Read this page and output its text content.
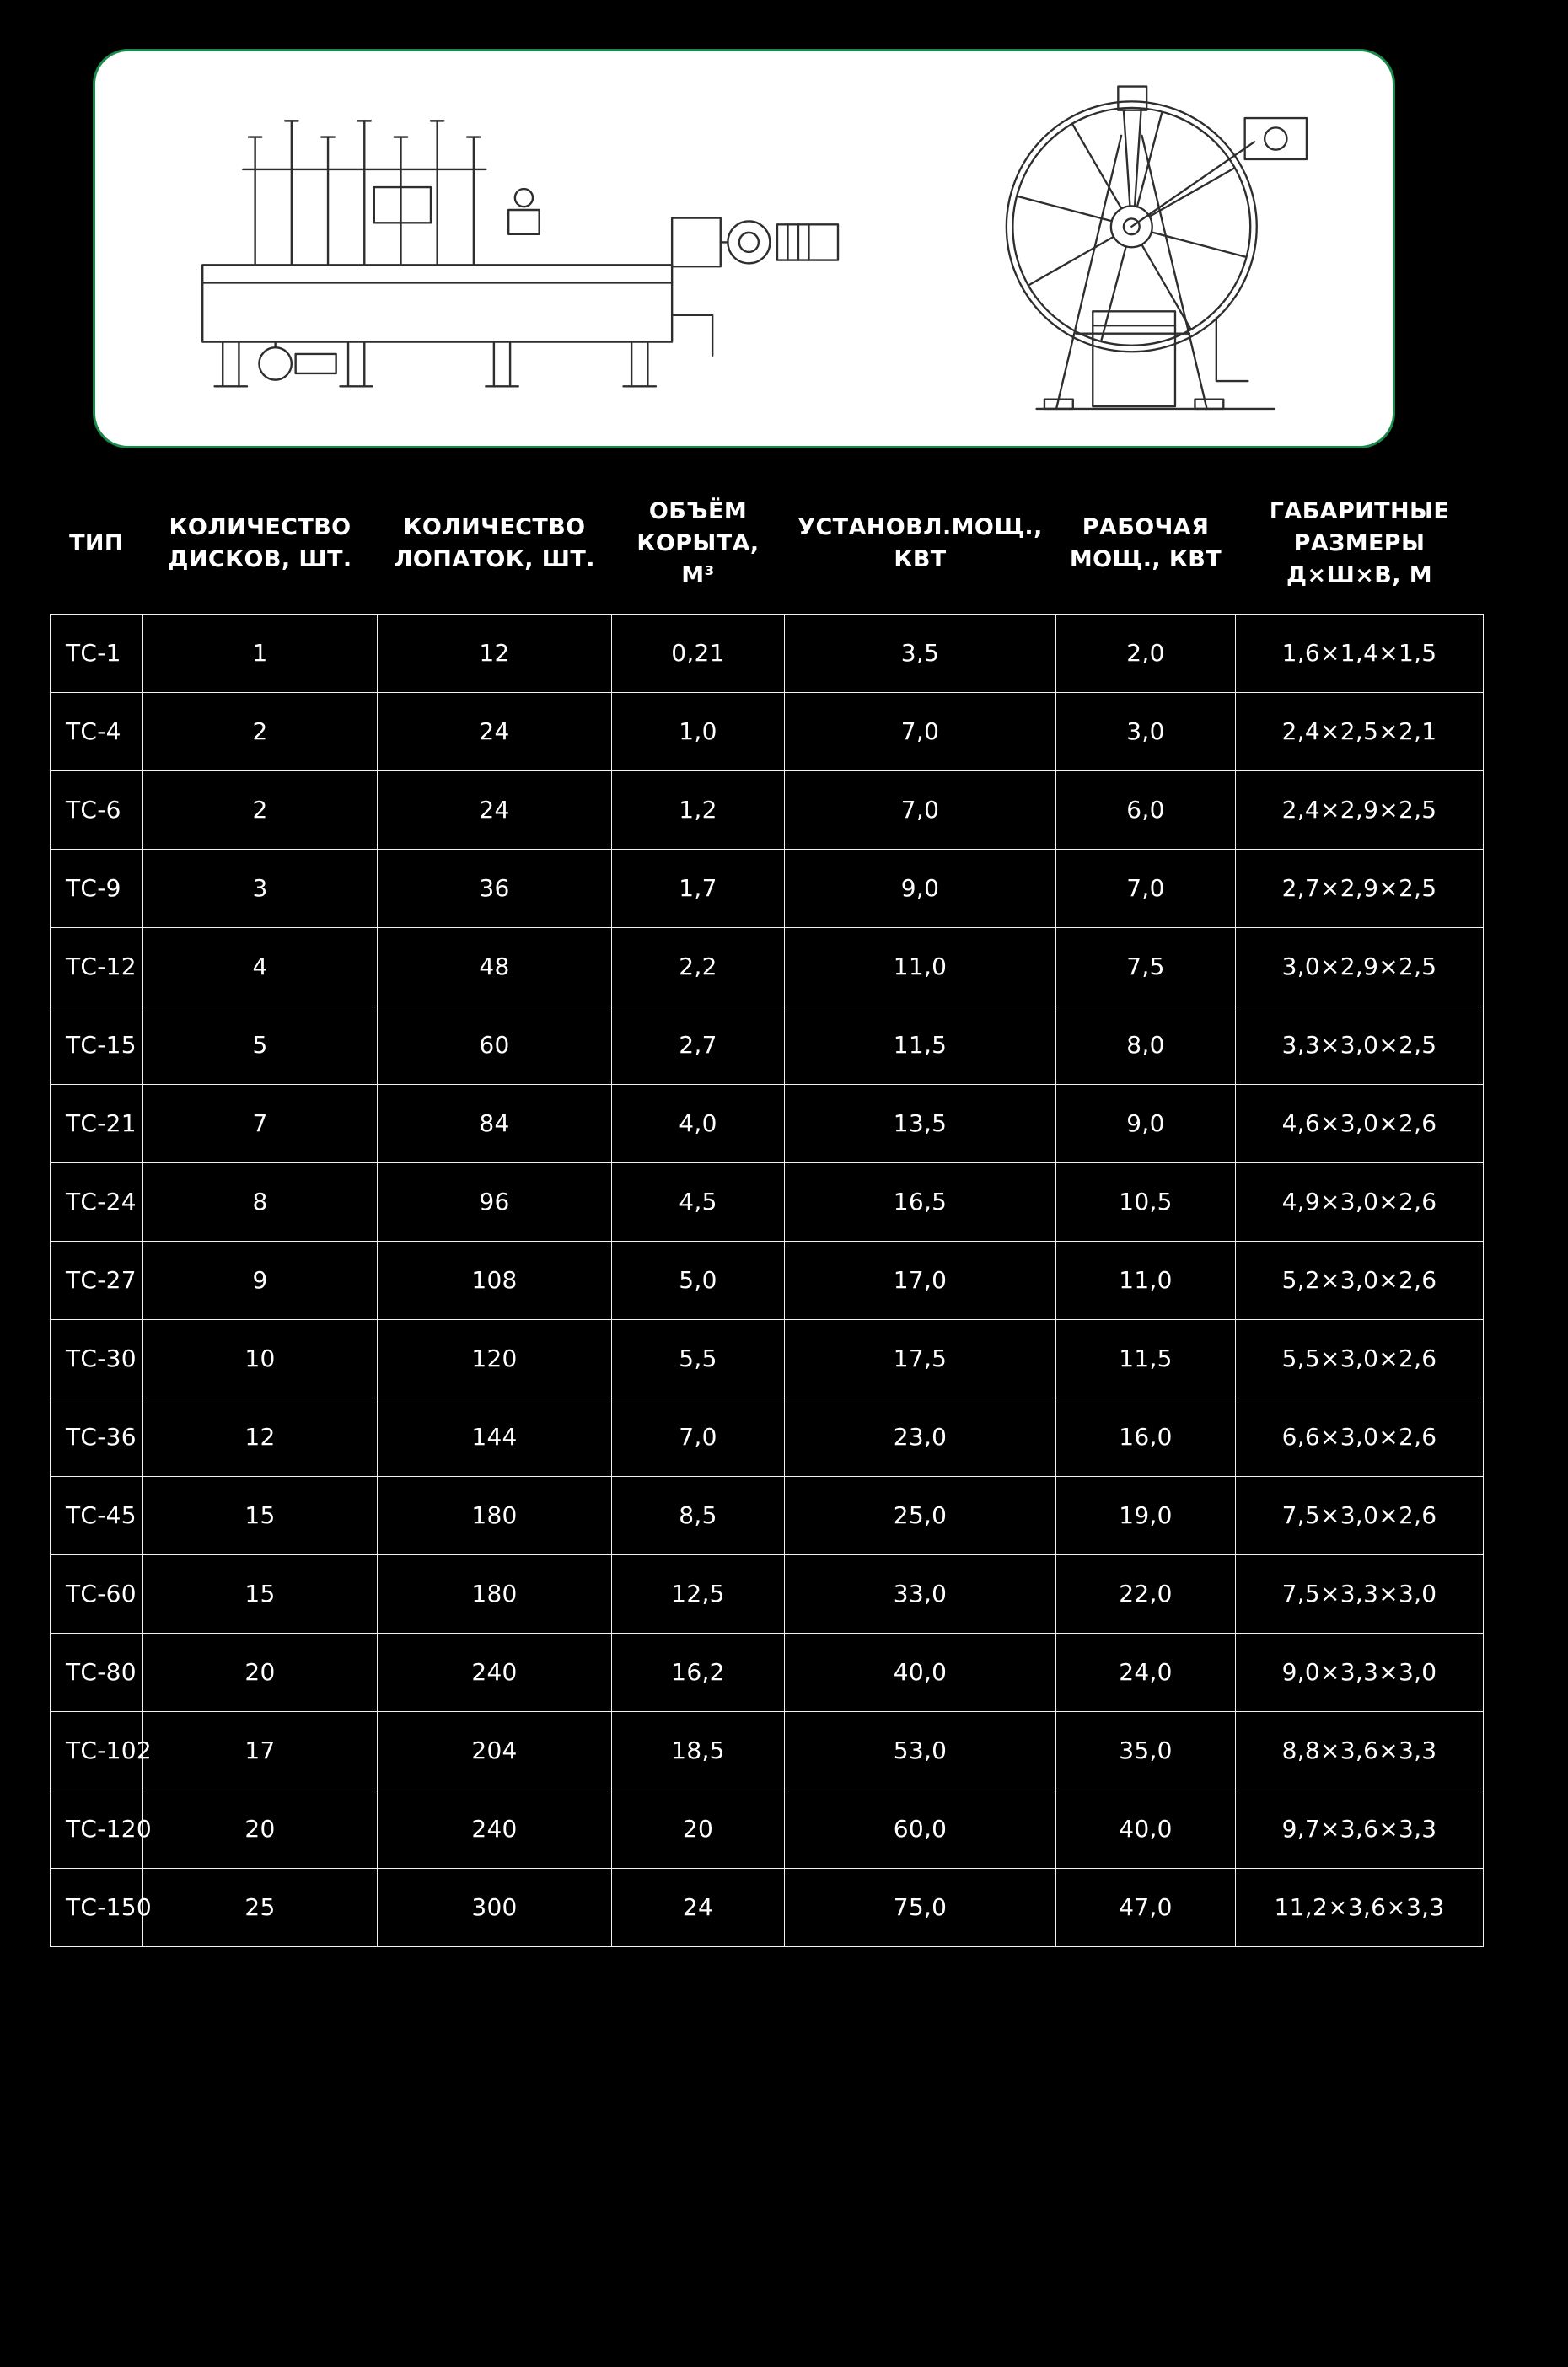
ТИП	КОЛИЧЕСТВО ДИСКОВ, ШТ.	КОЛИЧЕСТВО ЛОПАТОК, ШТ.	ОБЪЁМ КОРЫТА, М³	УСТАНОВЛ.МОЩ., КВТ	РАБОЧАЯ МОЩ., КВТ	ГАБАРИТНЫЕ РАЗМЕРЫ Д×Ш×В, М
ТС-1	1	12	0,21	3,5	2,0	1,6×1,4×1,5
ТС-4	2	24	1,0	7,0	3,0	2,4×2,5×2,1
ТС-6	2	24	1,2	7,0	6,0	2,4×2,9×2,5
ТС-9	3	36	1,7	9,0	7,0	2,7×2,9×2,5
ТС-12	4	48	2,2	11,0	7,5	3,0×2,9×2,5
ТС-15	5	60	2,7	11,5	8,0	3,3×3,0×2,5
ТС-21	7	84	4,0	13,5	9,0	4,6×3,0×2,6
ТС-24	8	96	4,5	16,5	10,5	4,9×3,0×2,6
ТС-27	9	108	5,0	17,0	11,0	5,2×3,0×2,6
ТС-30	10	120	5,5	17,5	11,5	5,5×3,0×2,6
ТС-36	12	144	7,0	23,0	16,0	6,6×3,0×2,6
ТС-45	15	180	8,5	25,0	19,0	7,5×3,0×2,6
ТС-60	15	180	12,5	33,0	22,0	7,5×3,3×3,0
ТС-80	20	240	16,2	40,0	24,0	9,0×3,3×3,0
ТС-102	17	204	18,5	53,0	35,0	8,8×3,6×3,3
ТС-120	20	240	20	60,0	40,0	9,7×3,6×3,3
ТС-150	25	300	24	75,0	47,0	11,2×3,6×3,3
